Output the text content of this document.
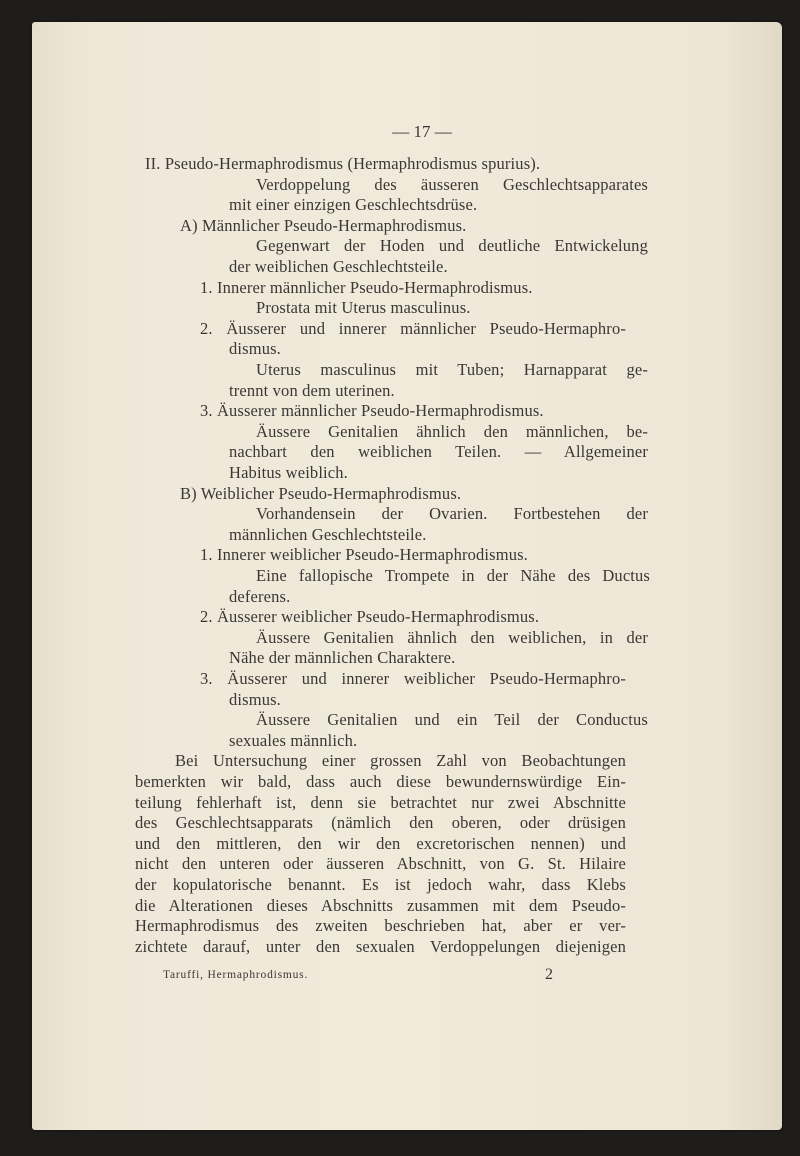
— 17 —
II. Pseudo-Hermaphrodismus (Hermaphrodismus spurius).
Verdoppelung des äusseren Geschlechtsapparates
mit einer einzigen Geschlechtsdrüse.
A) Männlicher Pseudo-Hermaphrodismus.
Gegenwart der Hoden und deutliche Entwickelung
der weiblichen Geschlechtsteile.
1. Innerer männlicher Pseudo-Hermaphrodismus.
Prostata mit Uterus masculinus.
2. Äusserer und innerer männlicher Pseudo-Hermaphro-
dismus.
Uterus masculinus mit Tuben; Harnapparat ge-
trennt von dem uterinen.
3. Äusserer männlicher Pseudo-Hermaphrodismus.
Äussere Genitalien ähnlich den männlichen, be-
nachbart den weiblichen Teilen. — Allgemeiner
Habitus weiblich.
B) Weiblicher Pseudo-Hermaphrodismus.
Vorhandensein der Ovarien. Fortbestehen der
männlichen Geschlechtsteile.
1. Innerer weiblicher Pseudo-Hermaphrodismus.
Eine fallopische Trompete in der Nähe des Ductus
deferens.
2. Äusserer weiblicher Pseudo-Hermaphrodismus.
Äussere Genitalien ähnlich den weiblichen, in der
Nähe der männlichen Charaktere.
3. Äusserer und innerer weiblicher Pseudo-Hermaphro-
dismus.
Äussere Genitalien und ein Teil der Conductus
sexuales männlich.
Bei Untersuchung einer grossen Zahl von Beobachtungen
bemerkten wir bald, dass auch diese bewundernswürdige Ein-
teilung fehlerhaft ist, denn sie betrachtet nur zwei Abschnitte
des Geschlechtsapparats (nämlich den oberen, oder drüsigen
und den mittleren, den wir den excretorischen nennen) und
nicht den unteren oder äusseren Abschnitt, von G. St. Hilaire
der kopulatorische benannt. Es ist jedoch wahr, dass Klebs
die Alterationen dieses Abschnitts zusammen mit dem Pseudo-
Hermaphrodismus des zweiten beschrieben hat, aber er ver-
zichtete darauf, unter den sexualen Verdoppelungen diejenigen
Taruffi, Hermaphrodismus.	2
